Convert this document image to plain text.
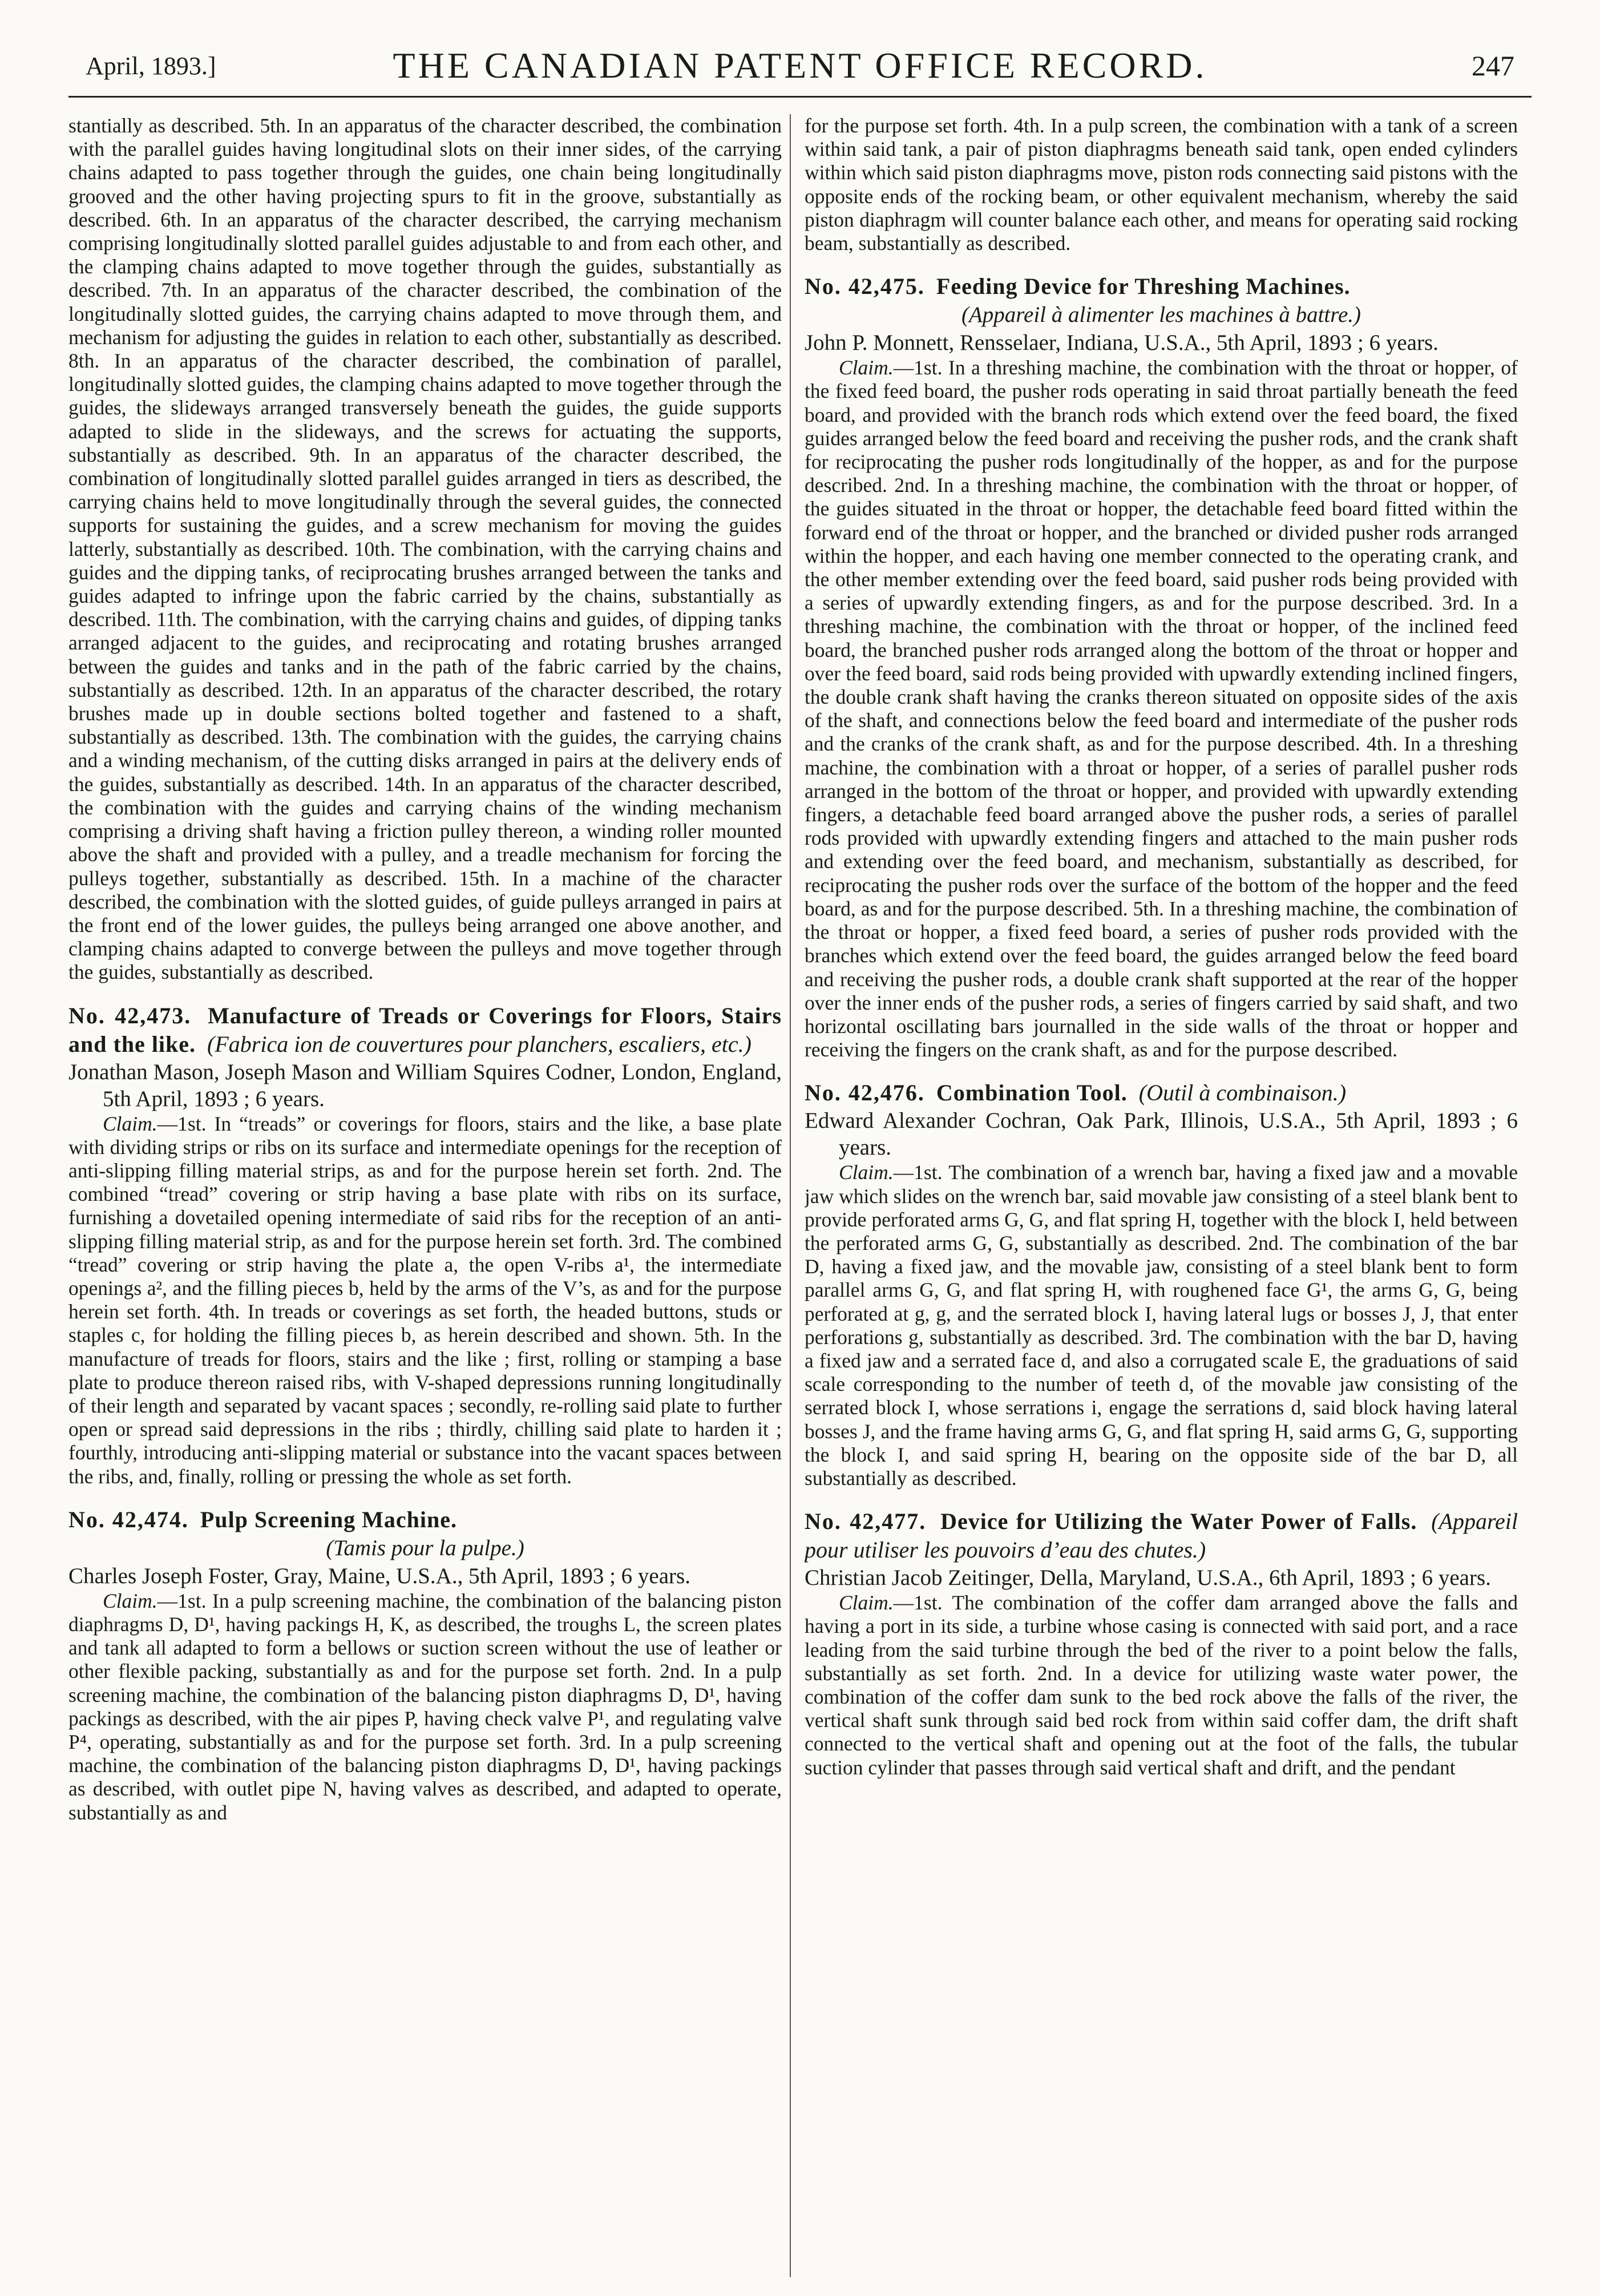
April, 1893.]	THE CANADIAN PATENT OFFICE RECORD.	247

stantially as described. 5th. In an apparatus of the character described, the combination with the parallel guides having longitudinal slots on their inner sides, of the carrying chains adapted to pass together through the guides, one chain being longitudinally grooved and the other having projecting spurs to fit in the groove, substantially as described. 6th. In an apparatus of the character described, the carrying mechanism comprising longitudinally slotted parallel guides adjustable to and from each other, and the clamping chains adapted to move together through the guides, substantially as described. 7th. In an apparatus of the character described, the combination of the longitudinally slotted guides, the carrying chains adapted to move through them, and mechanism for adjusting the guides in relation to each other, substantially as described. 8th. In an apparatus of the character described, the combination of parallel, longitudinally slotted guides, the clamping chains adapted to move together through the guides, the slideways arranged transversely beneath the guides, the guide supports adapted to slide in the slideways, and the screws for actuating the supports, substantially as described. 9th. In an apparatus of the character described, the combination of longitudinally slotted parallel guides arranged in tiers as described, the carrying chains held to move longitudinally through the several guides, the connected supports for sustaining the guides, and a screw mechanism for moving the guides latterly, substantially as described. 10th. The combination, with the carrying chains and guides and the dipping tanks, of reciprocating brushes arranged between the tanks and guides adapted to infringe upon the fabric carried by the chains, substantially as described. 11th. The combination, with the carrying chains and guides, of dipping tanks arranged adjacent to the guides, and reciprocating and rotating brushes arranged between the guides and tanks and in the path of the fabric carried by the chains, substantially as described. 12th. In an apparatus of the character described, the rotary brushes made up in double sections bolted together and fastened to a shaft, substantially as described. 13th. The combination with the guides, the carrying chains and a winding mechanism, of the cutting disks arranged in pairs at the delivery ends of the guides, substantially as described. 14th. In an apparatus of the character described, the combination with the guides and carrying chains of the winding mechanism comprising a driving shaft having a friction pulley thereon, a winding roller mounted above the shaft and provided with a pulley, and a treadle mechanism for forcing the pulleys together, substantially as described. 15th. In a machine of the character described, the combination with the slotted guides, of guide pulleys arranged in pairs at the front end of the lower guides, the pulleys being arranged one above another, and clamping chains adapted to converge between the pulleys and move together through the guides, substantially as described.

No. 42,473. Manufacture of Treads or Coverings for Floors, Stairs and the like. (Fabrica ion de couvertures pour planchers, escaliers, etc.)

Jonathan Mason, Joseph Mason and William Squires Codner, London, England, 5th April, 1893 ; 6 years.

Claim.—1st. In “treads” or coverings for floors, stairs and the like, a base plate with dividing strips or ribs on its surface and intermediate openings for the reception of anti-slipping filling material strips, as and for the purpose herein set forth. 2nd. The combined “tread” covering or strip having a base plate with ribs on its surface, furnishing a dovetailed opening intermediate of said ribs for the reception of an anti-slipping filling material strip, as and for the purpose herein set forth. 3rd. The combined “tread” covering or strip having the plate a, the open V-ribs a¹, the intermediate openings a², and the filling pieces b, held by the arms of the V’s, as and for the purpose herein set forth. 4th. In treads or coverings as set forth, the headed buttons, studs or staples c, for holding the filling pieces b, as herein described and shown. 5th. In the manufacture of treads for floors, stairs and the like ; first, rolling or stamping a base plate to produce thereon raised ribs, with V-shaped depressions running longitudinally of their length and separated by vacant spaces ; secondly, re-rolling said plate to further open or spread said depressions in the ribs ; thirdly, chilling said plate to harden it ; fourthly, introducing anti-slipping material or substance into the vacant spaces between the ribs, and, finally, rolling or pressing the whole as set forth.

No. 42,474. Pulp Screening Machine.

(Tamis pour la pulpe.)

Charles Joseph Foster, Gray, Maine, U.S.A., 5th April, 1893 ; 6 years.

Claim.—1st. In a pulp screening machine, the combination of the balancing piston diaphragms D, D¹, having packings H, K, as described, the troughs L, the screen plates and tank all adapted to form a bellows or suction screen without the use of leather or other flexible packing, substantially as and for the purpose set forth. 2nd. In a pulp screening machine, the combination of the balancing piston diaphragms D, D¹, having packings as described, with the air pipes P, having check valve P¹, and regulating valve P⁴, operating, substantially as and for the purpose set forth. 3rd. In a pulp screening machine, the combination of the balancing piston diaphragms D, D¹, having packings as described, with outlet pipe N, having valves as described, and adapted to operate, substantially as and

for the purpose set forth. 4th. In a pulp screen, the combination with a tank of a screen within said tank, a pair of piston diaphragms beneath said tank, open ended cylinders within which said piston diaphragms move, piston rods connecting said pistons with the opposite ends of the rocking beam, or other equivalent mechanism, whereby the said piston diaphragm will counter balance each other, and means for operating said rocking beam, substantially as described.

No. 42,475. Feeding Device for Threshing Machines.

(Appareil à alimenter les machines à battre.)

John P. Monnett, Rensselaer, Indiana, U.S.A., 5th April, 1893 ; 6 years.

Claim.—1st. In a threshing machine, the combination with the throat or hopper, of the fixed feed board, the pusher rods operating in said throat partially beneath the feed board, and provided with the branch rods which extend over the feed board, the fixed guides arranged below the feed board and receiving the pusher rods, and the crank shaft for reciprocating the pusher rods longitudinally of the hopper, as and for the purpose described. 2nd. In a threshing machine, the combination with the throat or hopper, of the guides situated in the throat or hopper, the detachable feed board fitted within the forward end of the throat or hopper, and the branched or divided pusher rods arranged within the hopper, and each having one member connected to the operating crank, and the other member extending over the feed board, said pusher rods being provided with a series of upwardly extending fingers, as and for the purpose described. 3rd. In a threshing machine, the combination with the throat or hopper, of the inclined feed board, the branched pusher rods arranged along the bottom of the throat or hopper and over the feed board, said rods being provided with upwardly extending inclined fingers, the double crank shaft having the cranks thereon situated on opposite sides of the axis of the shaft, and connections below the feed board and intermediate of the pusher rods and the cranks of the crank shaft, as and for the purpose described. 4th. In a threshing machine, the combination with a throat or hopper, of a series of parallel pusher rods arranged in the bottom of the throat or hopper, and provided with upwardly extending fingers, a detachable feed board arranged above the pusher rods, a series of parallel rods provided with upwardly extending fingers and attached to the main pusher rods and extending over the feed board, and mechanism, substantially as described, for reciprocating the pusher rods over the surface of the bottom of the hopper and the feed board, as and for the purpose described. 5th. In a threshing machine, the combination of the throat or hopper, a fixed feed board, a series of pusher rods provided with the branches which extend over the feed board, the guides arranged below the feed board and receiving the pusher rods, a double crank shaft supported at the rear of the hopper over the inner ends of the pusher rods, a series of fingers carried by said shaft, and two horizontal oscillating bars journalled in the side walls of the throat or hopper and receiving the fingers on the crank shaft, as and for the purpose described.

No. 42,476. Combination Tool. (Outil à combinaison.)

Edward Alexander Cochran, Oak Park, Illinois, U.S.A., 5th April, 1893 ; 6 years.

Claim.—1st. The combination of a wrench bar, having a fixed jaw and a movable jaw which slides on the wrench bar, said movable jaw consisting of a steel blank bent to provide perforated arms G, G, and flat spring H, together with the block I, held between the perforated arms G, G, substantially as described. 2nd. The combination of the bar D, having a fixed jaw, and the movable jaw, consisting of a steel blank bent to form parallel arms G, G, and flat spring H, with roughened face G¹, the arms G, G, being perforated at g, g, and the serrated block I, having lateral lugs or bosses J, J, that enter perforations g, substantially as described. 3rd. The combination with the bar D, having a fixed jaw and a serrated face d, and also a corrugated scale E, the graduations of said scale corresponding to the number of teeth d, of the movable jaw consisting of the serrated block I, whose serrations i, engage the serrations d, said block having lateral bosses J, and the frame having arms G, G, and flat spring H, said arms G, G, supporting the block I, and said spring H, bearing on the opposite side of the bar D, all substantially as described.

No. 42,477. Device for Utilizing the Water Power of Falls. (Appareil pour utiliser les pouvoirs d’eau des chutes.)

Christian Jacob Zeitinger, Della, Maryland, U.S.A., 6th April, 1893 ; 6 years.

Claim.—1st. The combination of the coffer dam arranged above the falls and having a port in its side, a turbine whose casing is connected with said port, and a race leading from the said turbine through the bed of the river to a point below the falls, substantially as set forth. 2nd. In a device for utilizing waste water power, the combination of the coffer dam sunk to the bed rock above the falls of the river, the vertical shaft sunk through said bed rock from within said coffer dam, the drift shaft connected to the vertical shaft and opening out at the foot of the falls, the tubular suction cylinder that passes through said vertical shaft and drift, and the pendant
